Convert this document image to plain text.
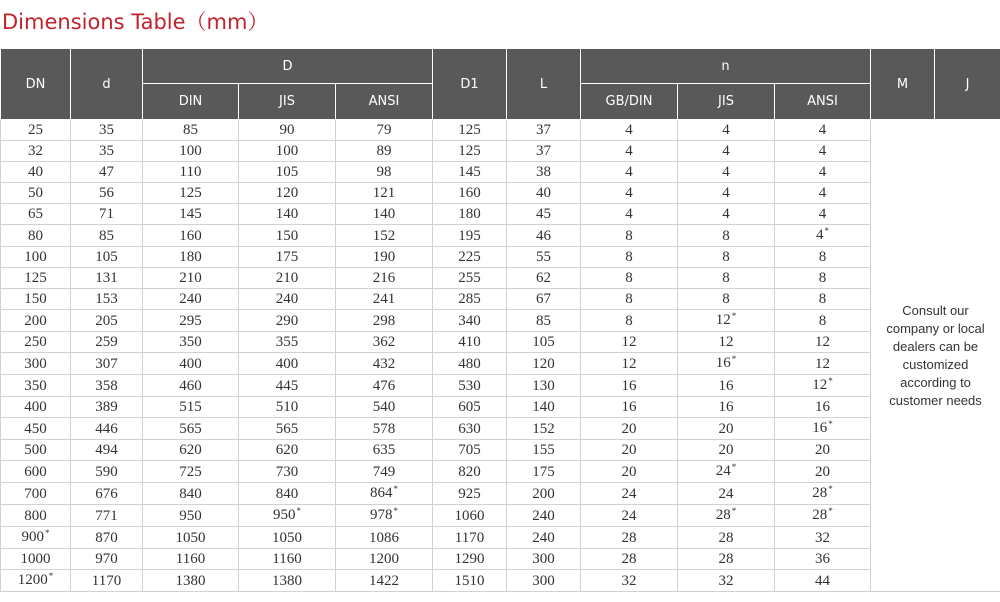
Dimensions Table（mm）
DN	d	D			D1	L	n			M	J
		DIN	JIS	ANSI			GB/DIN	JIS	ANSI		
25	35	85	90	79	125	37	4	4	4	Consult our company or local dealers can be customized according to customer needs	
32	35	100	100	89	125	37	4	4	4		
40	47	110	105	98	145	38	4	4	4		
50	56	125	120	121	160	40	4	4	4		
65	71	145	140	140	180	45	4	4	4		
80	85	160	150	152	195	46	8	8	4*
100	105	180	175	190	225	55	8	8	8		
125	131	210	210	216	255	62	8	8	8		
150	153	240	240	241	285	67	8	8	8		
200	205	295	290	298	340	85	8	12*	8		
250	259	350	355	362	410	105	12	12	12		
300	307	400	400	432	480	120	12	16*	12		
350	358	460	445	476	530	130	16	16	12*
400	389	515	510	540	605	140	16	16	16		
450	446	565	565	578	630	152	20	20	16*
500	494	620	620	635	705	155	20	20	20		
600	590	725	730	749	820	175	20	24*	20		
700	676	840	840	864*	925	200	24	24	28*
800	771	950	950*	978*	1060	240	24	28*	28*
900*	870	1050	1050	1086	1170	240	28	28	32		
1000	970	1160	1160	1200	1290	300	28	28	36		
1200*	1170	1380	1380	1422	1510	300	32	32	44		
